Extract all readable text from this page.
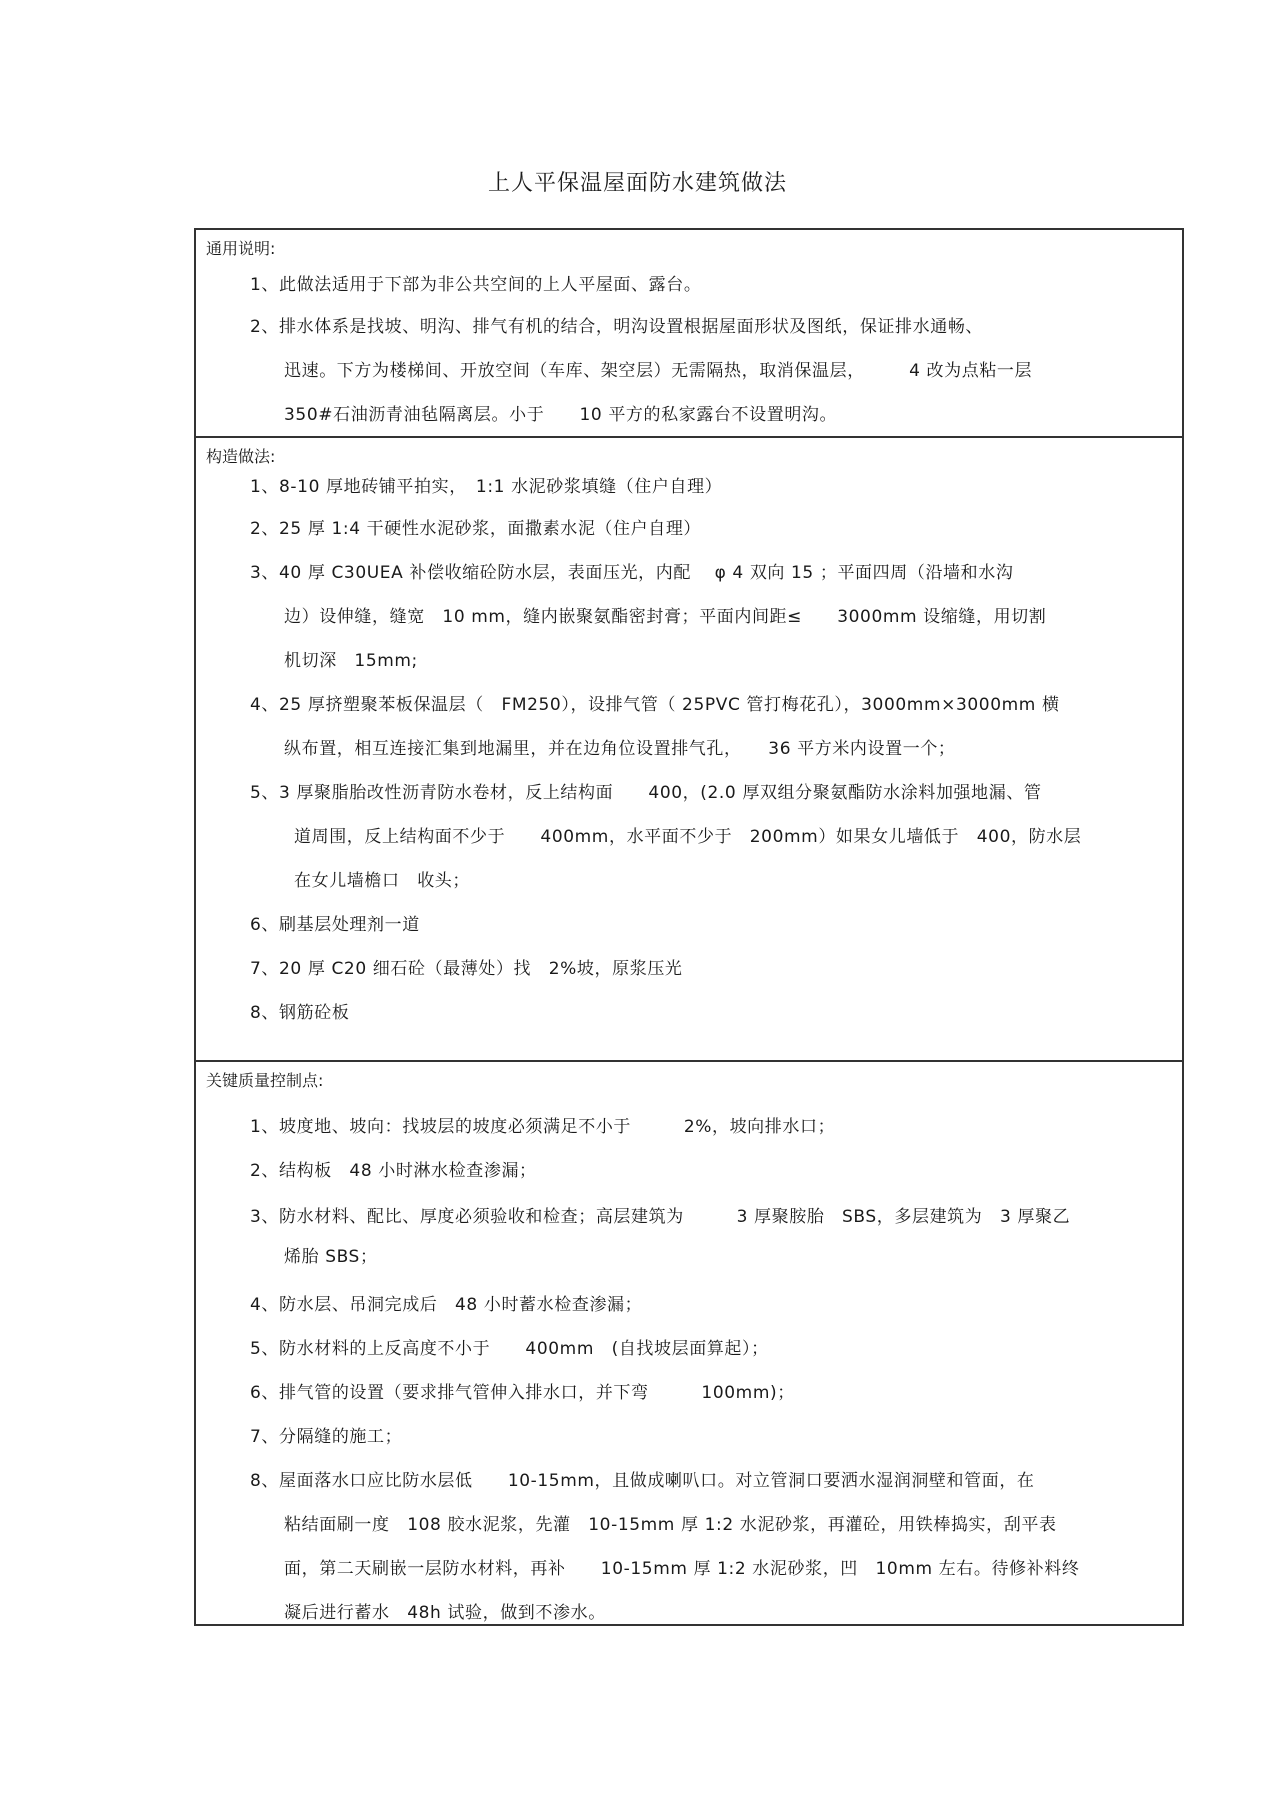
上人平保温屋面防水建筑做法
通用说明:
1、此做法适用于下部为非公共空间的上人平屋面、露台。
2、排水体系是找坡、明沟、排气有机的结合，明沟设置根据屋面形状及图纸，保证排水通畅、
迅速。下方为楼梯间、开放空间（车库、架空层）无需隔热，取消保温层，　　　4 改为点粘一层
350#石油沥青油毡隔离层。小于　　10 平方的私家露台不设置明沟。
构造做法:
1、8-10 厚地砖铺平拍实，　1:1 水泥砂浆填缝（住户自理）
2、25 厚 1:4 干硬性水泥砂浆，面撒素水泥（住户自理）
3、40 厚 C30UEA 补偿收缩砼防水层，表面压光，内配　 φ 4 双向 15 ；平面四周（沿墙和水沟
边）设伸缝，缝宽　10 mm，缝内嵌聚氨酯密封膏；平面内间距≤　　3000mm 设缩缝，用切割
机切深　15mm;
4、25 厚挤塑聚苯板保温层（　FM250），设排气管（ 25PVC 管打梅花孔），3000mm×3000mm 横
纵布置，相互连接汇集到地漏里，并在边角位设置排气孔，　　36 平方米内设置一个；
5、3 厚聚脂胎改性沥青防水卷材，反上结构面　　400，(2.0 厚双组分聚氨酯防水涂料加强地漏、管
道周围，反上结构面不少于　　400mm，水平面不少于　200mm）如果女儿墙低于　400，防水层
在女儿墙檐口　收头；
6、刷基层处理剂一道
7、20 厚 C20 细石砼（最薄处）找　2%坡，原浆压光
8、钢筋砼板
关键质量控制点:
1、坡度地、坡向：找坡层的坡度必须满足不小于　　　2%，坡向排水口；
2、结构板　48 小时淋水检查渗漏；
3、防水材料、配比、厚度必须验收和检查；高层建筑为　　　3 厚聚胺胎　SBS，多层建筑为　3 厚聚乙
烯胎 SBS；
4、防水层、吊洞完成后　48 小时蓄水检查渗漏；
5、防水材料的上反高度不小于　　400mm　(自找坡层面算起）；
6、排气管的设置（要求排气管伸入排水口，并下弯　　　100mm)；
7、分隔缝的施工；
8、屋面落水口应比防水层低　　10-15mm，且做成喇叭口。对立管洞口要洒水湿润洞壁和管面，在
粘结面刷一度　108 胶水泥浆，先灌　10-15mm 厚 1:2 水泥砂浆，再灌砼，用铁棒捣实，刮平表
面，第二天刷嵌一层防水材料，再补　　10-15mm 厚 1:2 水泥砂浆，凹　10mm 左右。待修补料终
凝后进行蓄水　48h 试验，做到不渗水。
